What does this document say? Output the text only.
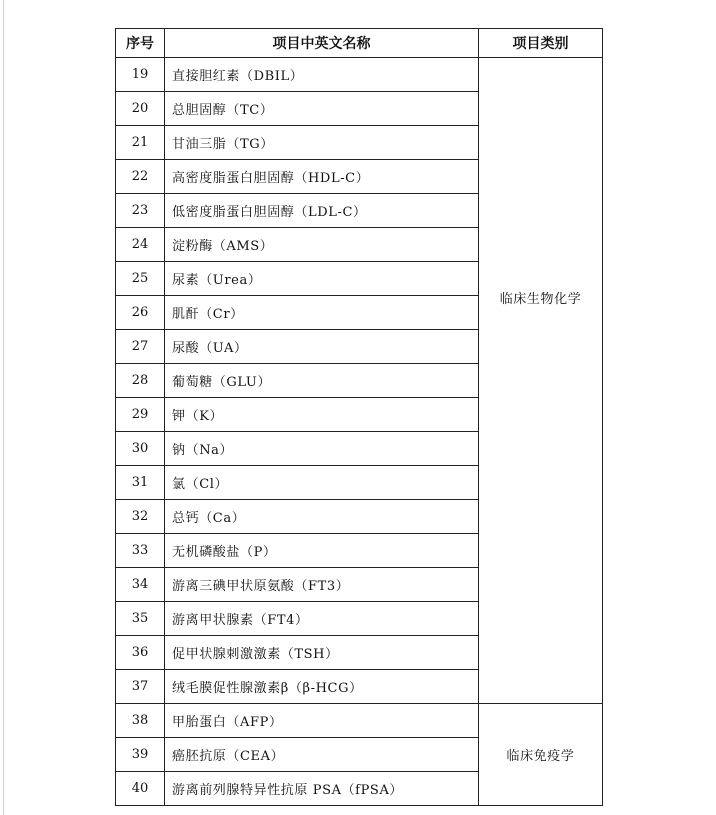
序号	项目中英文名称	项目类别
19	直接胆红素（DBIL）	临床生物化学
20	总胆固醇（TC）	
21	甘油三脂（TG）	
22	高密度脂蛋白胆固醇（HDL-C）	
23	低密度脂蛋白胆固醇（LDL-C）	
24	淀粉酶（AMS）	
25	尿素（Urea）	
26	肌酐（Cr）	
27	尿酸（UA）	
28	葡萄糖（GLU）	
29	钾（K）	
30	钠（Na）	
31	氯（Cl）	
32	总钙（Ca）	
33	无机磷酸盐（P）	
34	游离三碘甲状原氨酸（FT3）	
35	游离甲状腺素（FT4）	
36	促甲状腺刺激激素（TSH）	
37	绒毛膜促性腺激素β（β-HCG）	
38	甲胎蛋白（AFP）	临床免疫学
39	癌胚抗原（CEA）	
40	游离前列腺特异性抗原 PSA（fPSA）	
